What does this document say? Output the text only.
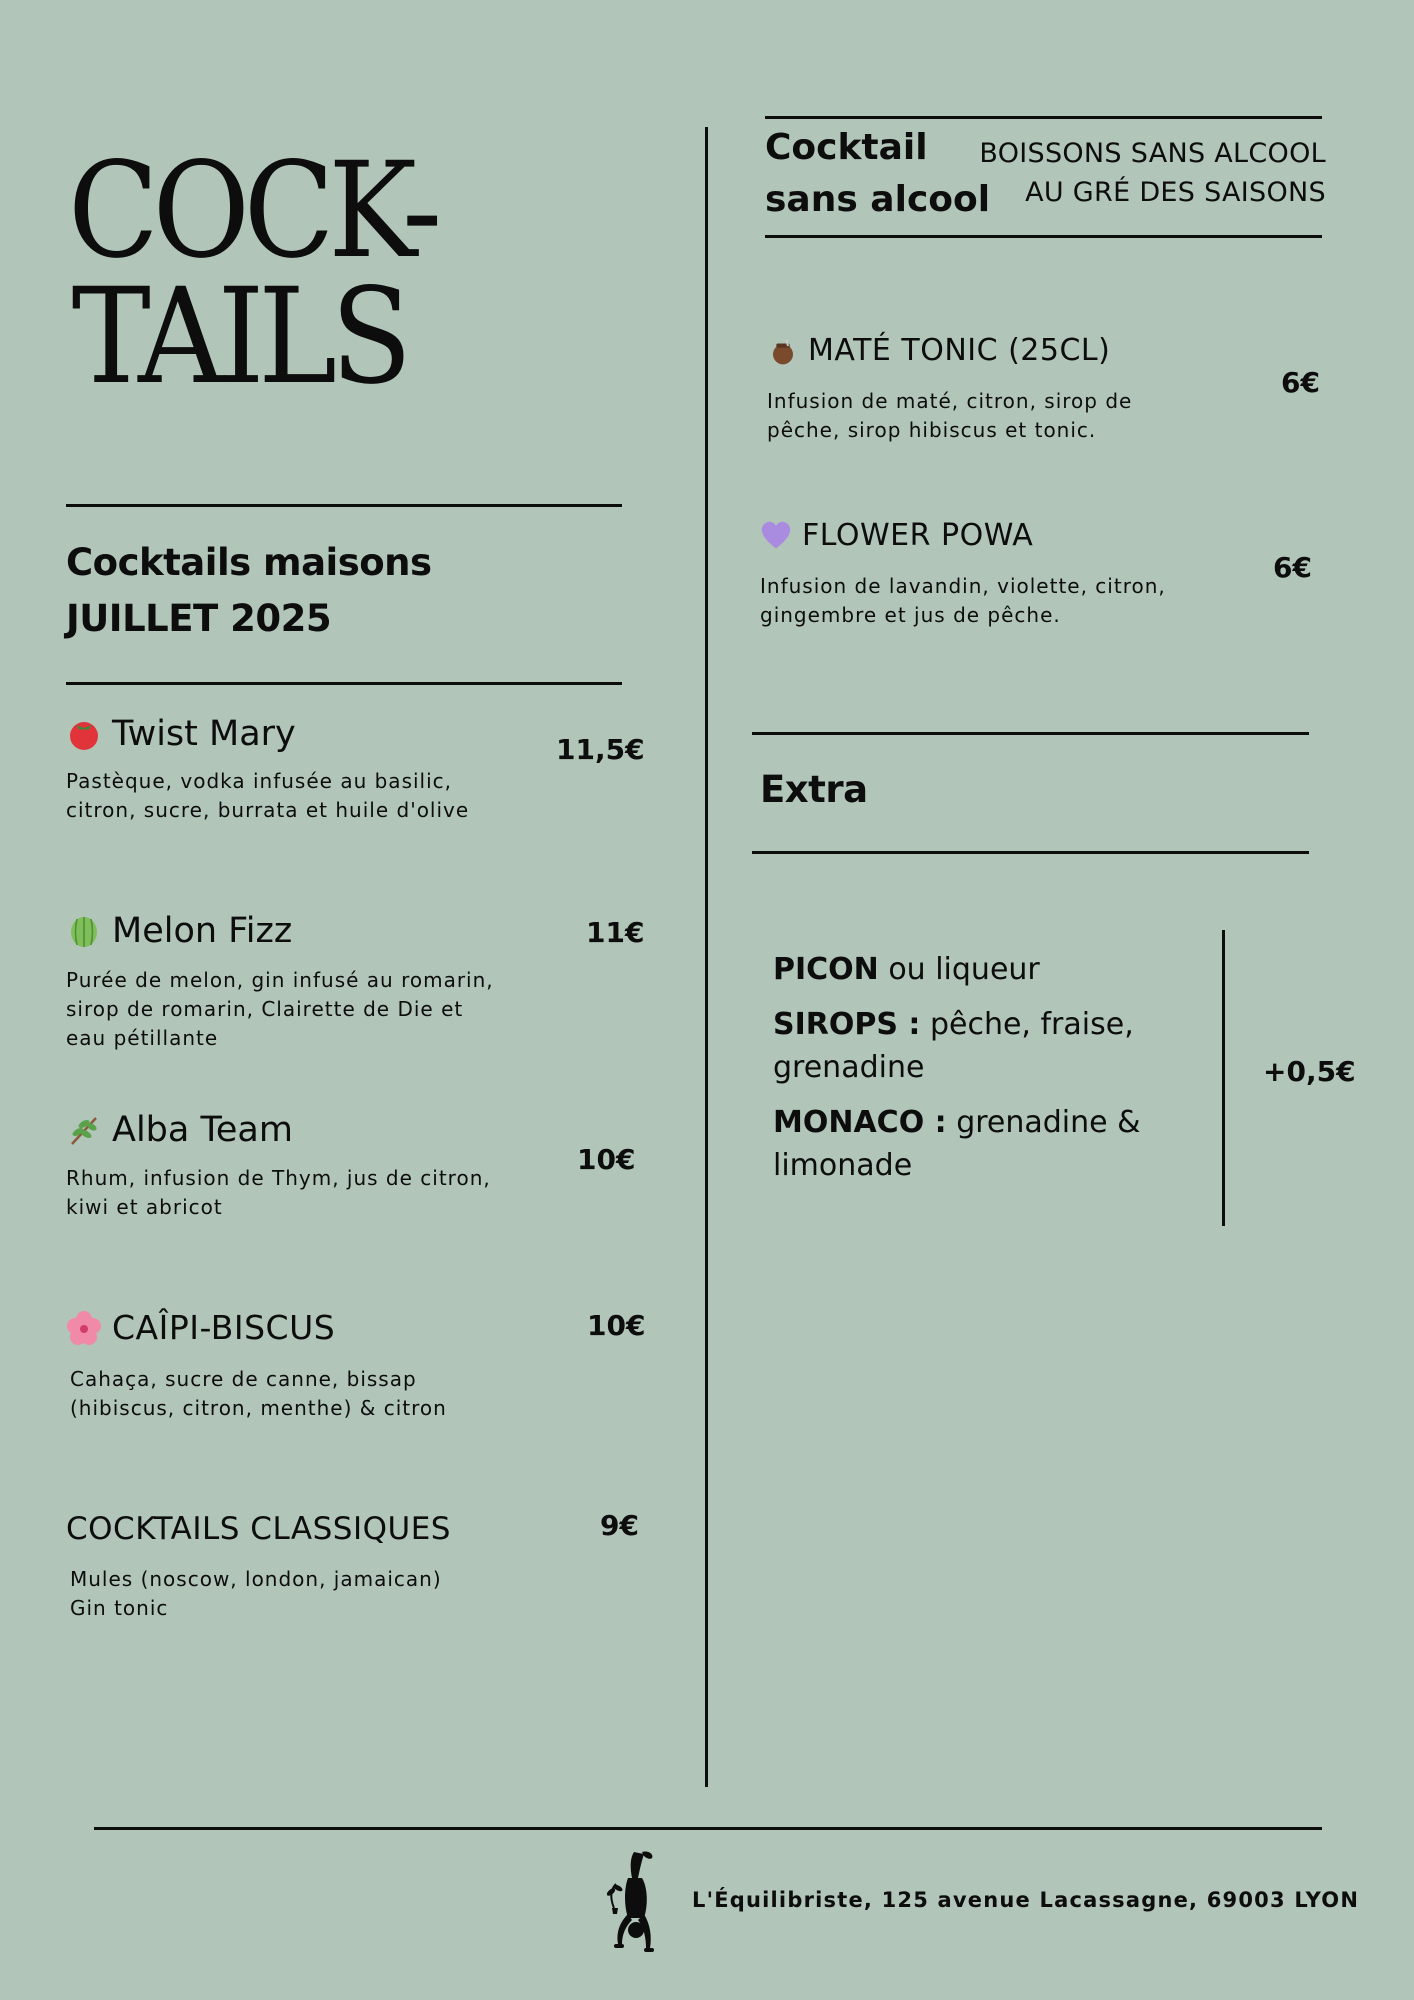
COCK-
TAILS
Cocktails maisons
JUILLET 2025
Twist Mary	11,5€
Pastèque, vodka infusée au basilic,
citron, sucre, burrata et huile d'olive
Melon Fizz	11€
Purée de melon, gin infusé au romarin,
sirop de romarin, Clairette de Die et
eau pétillante
Alba Team
10€
Rhum, infusion de Thym, jus de citron,
kiwi et abricot
CAÎPI-BISCUS	10€
Cahaça, sucre de canne, bissap
(hibiscus, citron, menthe) & citron
COCKTAILS CLASSIQUES	9€
Mules (noscow, london, jamaican)
Gin tonic
Cocktail
sans alcool
BOISSONS SANS ALCOOL
AU GRÉ DES SAISONS
MATÉ TONIC (25CL)
6€
Infusion de maté, citron, sirop de
pêche, sirop hibiscus et tonic.
FLOWER POWA
6€
Infusion de lavandin, violette, citron,
gingembre et jus de pêche.
Extra
PICON ou liqueur
SIROPS : pêche, fraise, grenadine
MONACO : grenadine & limonade
+0,5€
L'Équilibriste, 125 avenue Lacassagne, 69003 LYON
